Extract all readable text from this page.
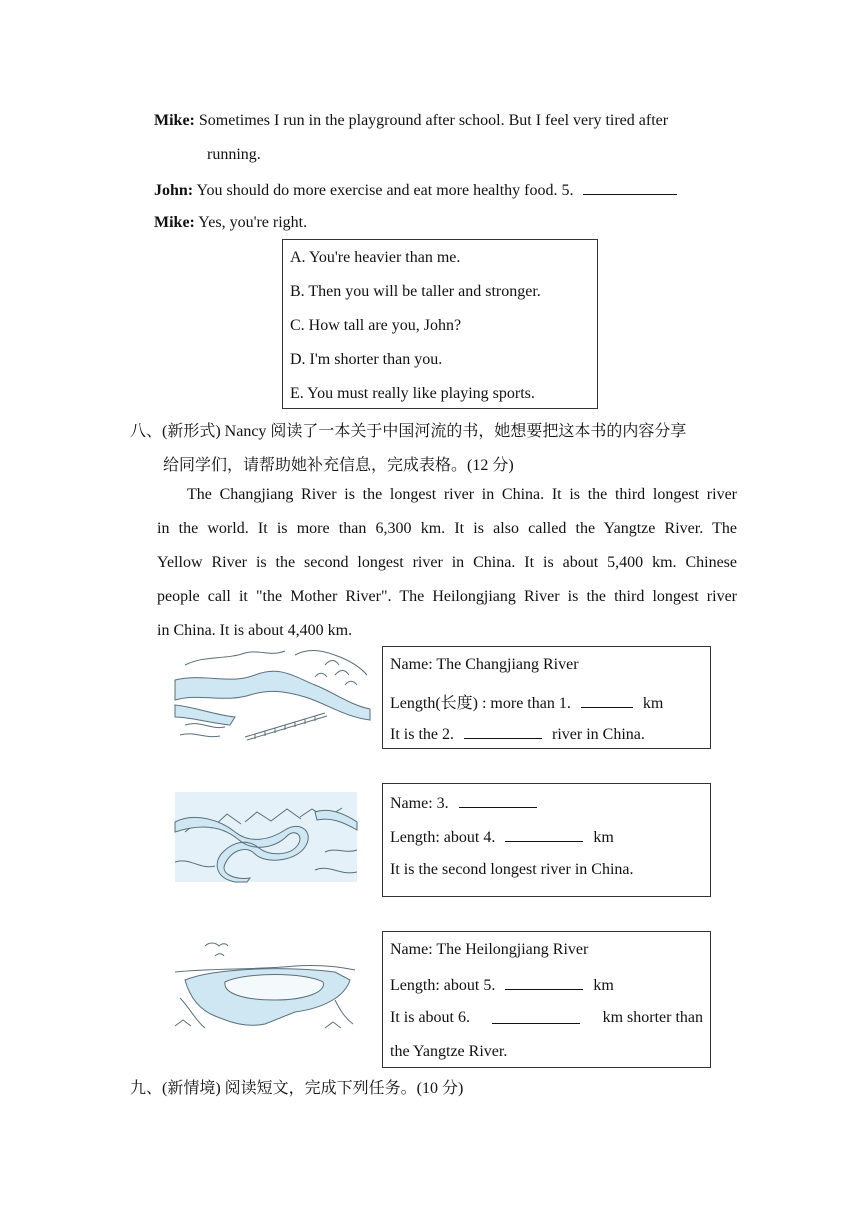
Mike: Sometimes I run in the playground after school. But I feel very tired after
running.
John: You should do more exercise and eat more healthy food. 5.
Mike: Yes, you're right.
A. You're heavier than me.
B. Then you will be taller and stronger.
C. How tall are you, John?
D. I'm shorter than you.
E. You must really like playing sports.
八、(新形式) Nancy 阅读了一本关于中国河流的书，她想要把这本书的内容分享
给同学们，请帮助她补充信息，完成表格。(12 分)
The Changjiang River is the longest river in China. It is the third longest river
in the world. It is more than 6,300 km. It is also called the Yangtze River. The
Yellow River is the second longest river in China. It is about 5,400 km. Chinese
people call it "the Mother River". The Heilongjiang River is the third longest river
in China. It is about 4,400 km.
Name: The Changjiang River
Length(长度) : more than 1.	km
It is the 2.	river in China.
Name: 3.
Length: about 4.	km
It is the second longest river in China.
Name: The Heilongjiang River
Length: about 5.	km
It is about 6.	km shorter than
the Yangtze River.
九、(新情境) 阅读短文，完成下列任务。(10 分)
